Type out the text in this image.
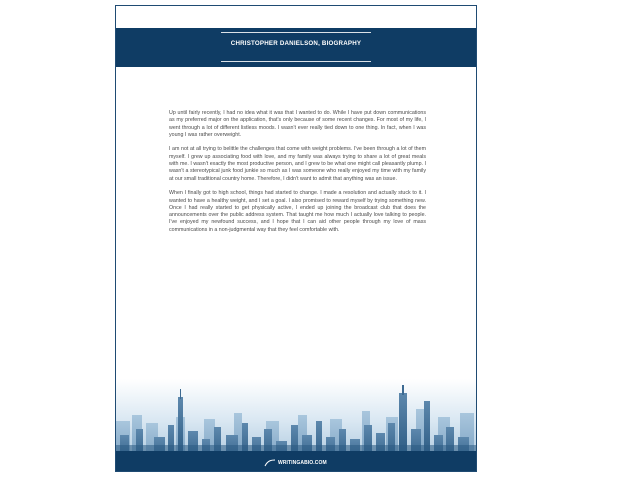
CHRISTOPHER DANIELSON, BIOGRAPHY

Up until fairly recently, I had no idea what it was that I wanted to do. While I have put down communications as my preferred major on the application, that's only because of some recent changes. For most of my life, I went through a lot of different listless moods. I wasn't ever really tied down to one thing. In fact, when I was young I was rather overweight.

I am not at all trying to belittle the challenges that come with weight problems. I've been through a lot of them myself. I grew up associating food with love, and my family was always trying to share a lot of great meals with me. I wasn't exactly the most productive person, and I grew to be what one might call pleasantly plump. I wasn't a stereotypical junk food junkie so much as I was someone who really enjoyed my time with my family at our small traditional country home. Therefore, I didn't want to admit that anything was an issue.

When I finally got to high school, things had started to change. I made a resolution and actually stuck to it. I wanted to have a healthy weight, and I set a goal. I also promised to reward myself by trying something new. Once I had really started to get physically active, I ended up joining the broadcast club that does the announcements over the public address system. That taught me how much I actually love talking to people. I've enjoyed my newfound success, and I hope that I can aid other people through my love of mass communications in a non-judgmental way that they feel comfortable with.

WRITINGABIO.COM
